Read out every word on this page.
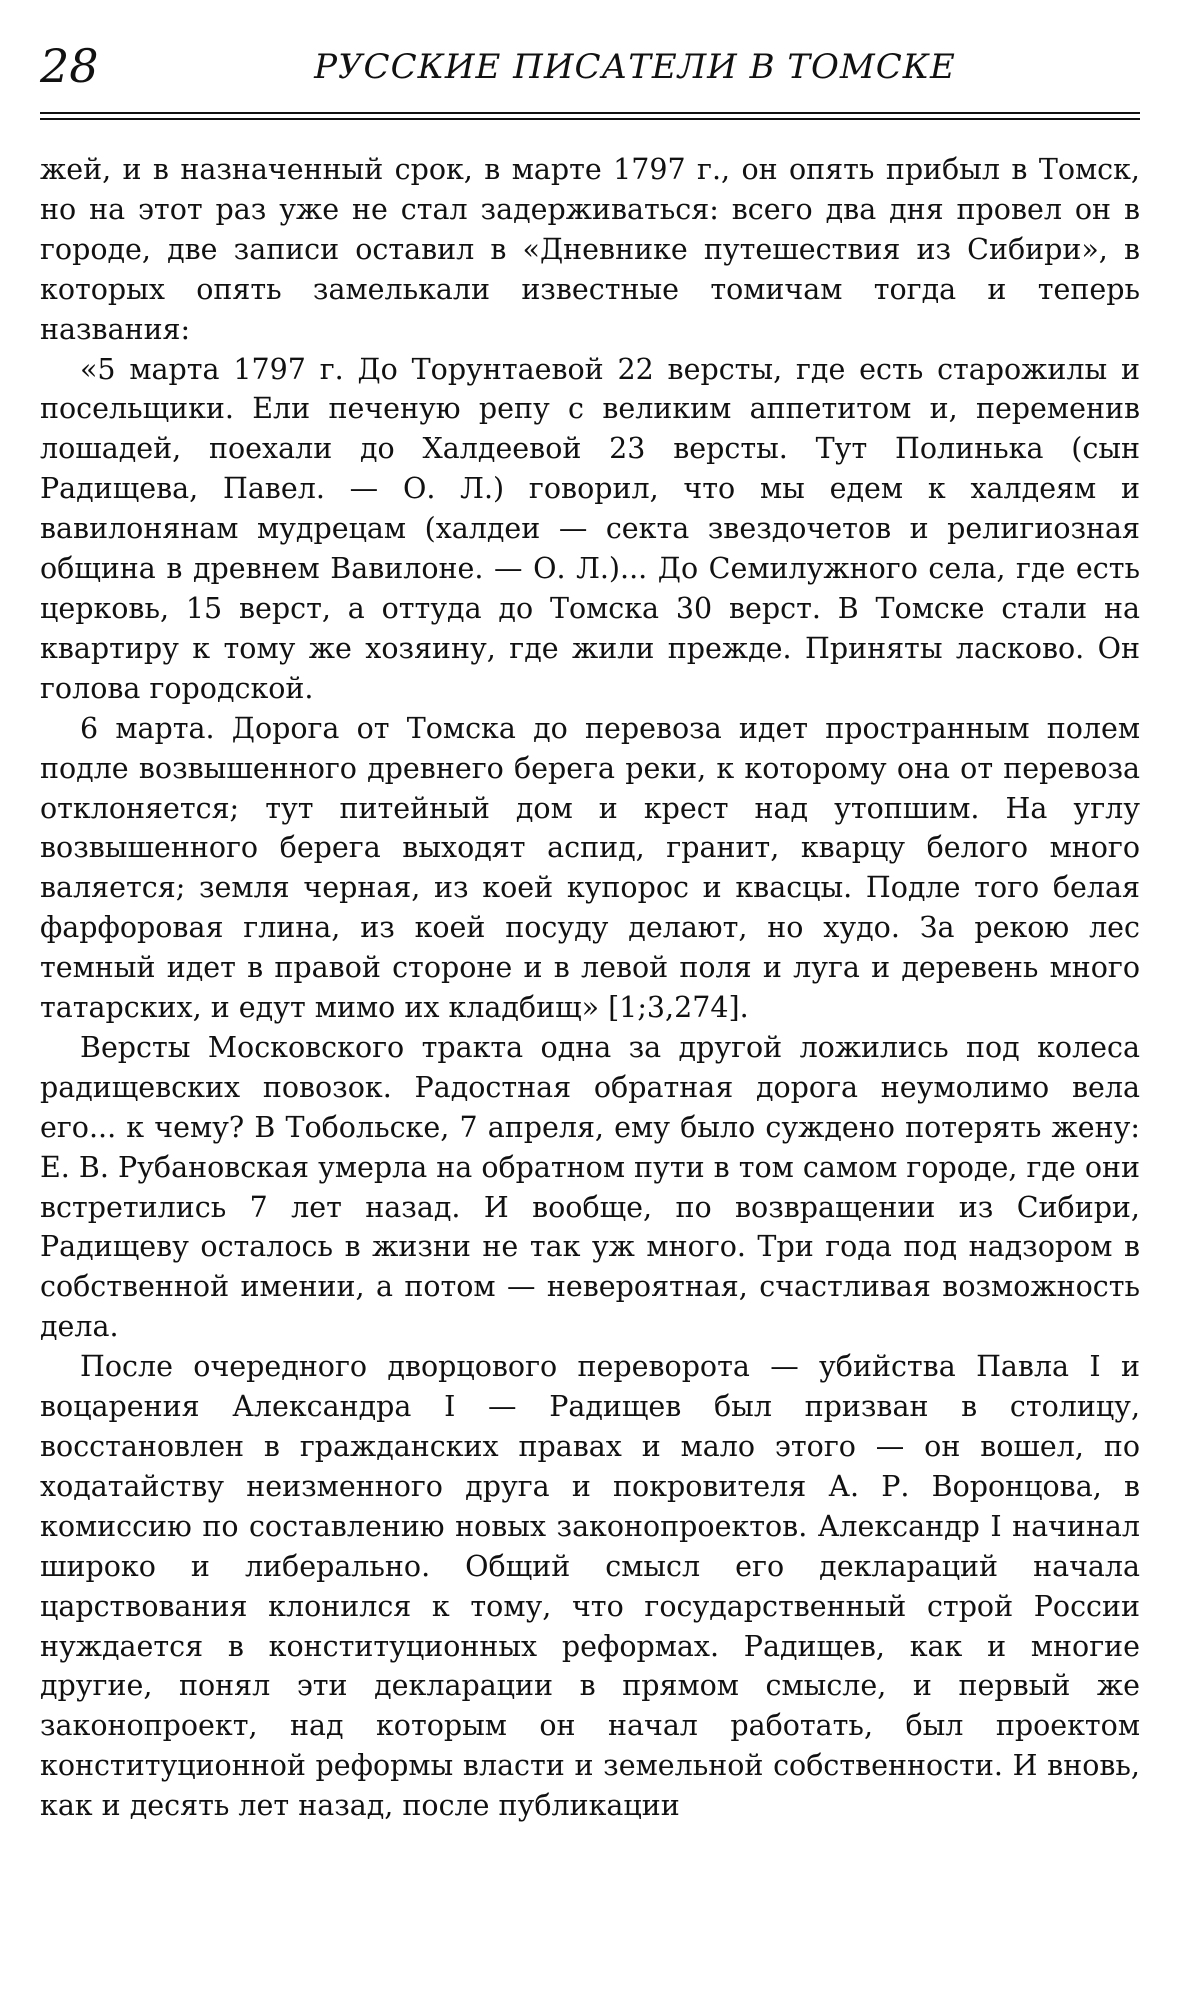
28	РУССКИЕ ПИСАТЕЛИ В ТОМСКЕ

жей, и в назначенный срок, в марте 1797 г., он опять прибыл в Томск, но на этот раз уже не стал задерживаться: всего два дня провел он в городе, две записи оставил в «Дневнике путешествия из Сибири», в которых опять замелькали известные томичам тогда и теперь названия:

«5 марта 1797 г. До Торунтаевой 22 версты, где есть старожилы и посельщики. Ели печеную репу с великим аппетитом и, переменив лошадей, поехали до Халдеевой 23 версты. Тут Полинька (сын Радищева, Павел. — О. Л.) говорил, что мы едем к халдеям и вавилонянам мудрецам (халдеи — секта звездочетов и религиозная община в древнем Вавилоне. — О. Л.)... До Семилужного села, где есть церковь, 15 верст, а оттуда до Томска 30 верст. В Томске стали на квартиру к тому же хозяину, где жили прежде. Приняты ласково. Он голова городской.

6 марта. Дорога от Томска до перевоза идет пространным полем подле возвышенного древнего берега реки, к которому она от перевоза отклоняется; тут питейный дом и крест над утопшим. На углу возвышенного берега выходят аспид, гранит, кварцу белого много валяется; земля черная, из коей купорос и квасцы. Подле того белая фарфоровая глина, из коей посуду делают, но худо. За рекою лес темный идет в правой стороне и в левой поля и луга и деревень много татарских, и едут мимо их кладбищ» [1;3,274].

Версты Московского тракта одна за другой ложились под колеса радищевских повозок. Радостная обратная дорога неумолимо вела его... к чему? В Тобольске, 7 апреля, ему было суждено потерять жену: Е. В. Рубановская умерла на обратном пути в том самом городе, где они встретились 7 лет назад. И вообще, по возвращении из Сибири, Радищеву осталось в жизни не так уж много. Три года под надзором в собственной имении, а потом — невероятная, счастливая возможность дела.

После очередного дворцового переворота — убийства Павла I и воцарения Александра I — Радищев был призван в столицу, восстановлен в гражданских правах и мало этого — он вошел, по ходатайству неизменного друга и покровителя А. Р. Воронцова, в комиссию по составлению новых законопроектов. Александр I начинал широко и либерально. Общий смысл его деклараций начала царствования клонился к тому, что государственный строй России нуждается в конституционных реформах. Радищев, как и многие другие, понял эти декларации в прямом смысле, и первый же законопроект, над которым он начал работать, был проектом конституционной реформы власти и земельной собственности. И вновь, как и десять лет назад, после публикации
